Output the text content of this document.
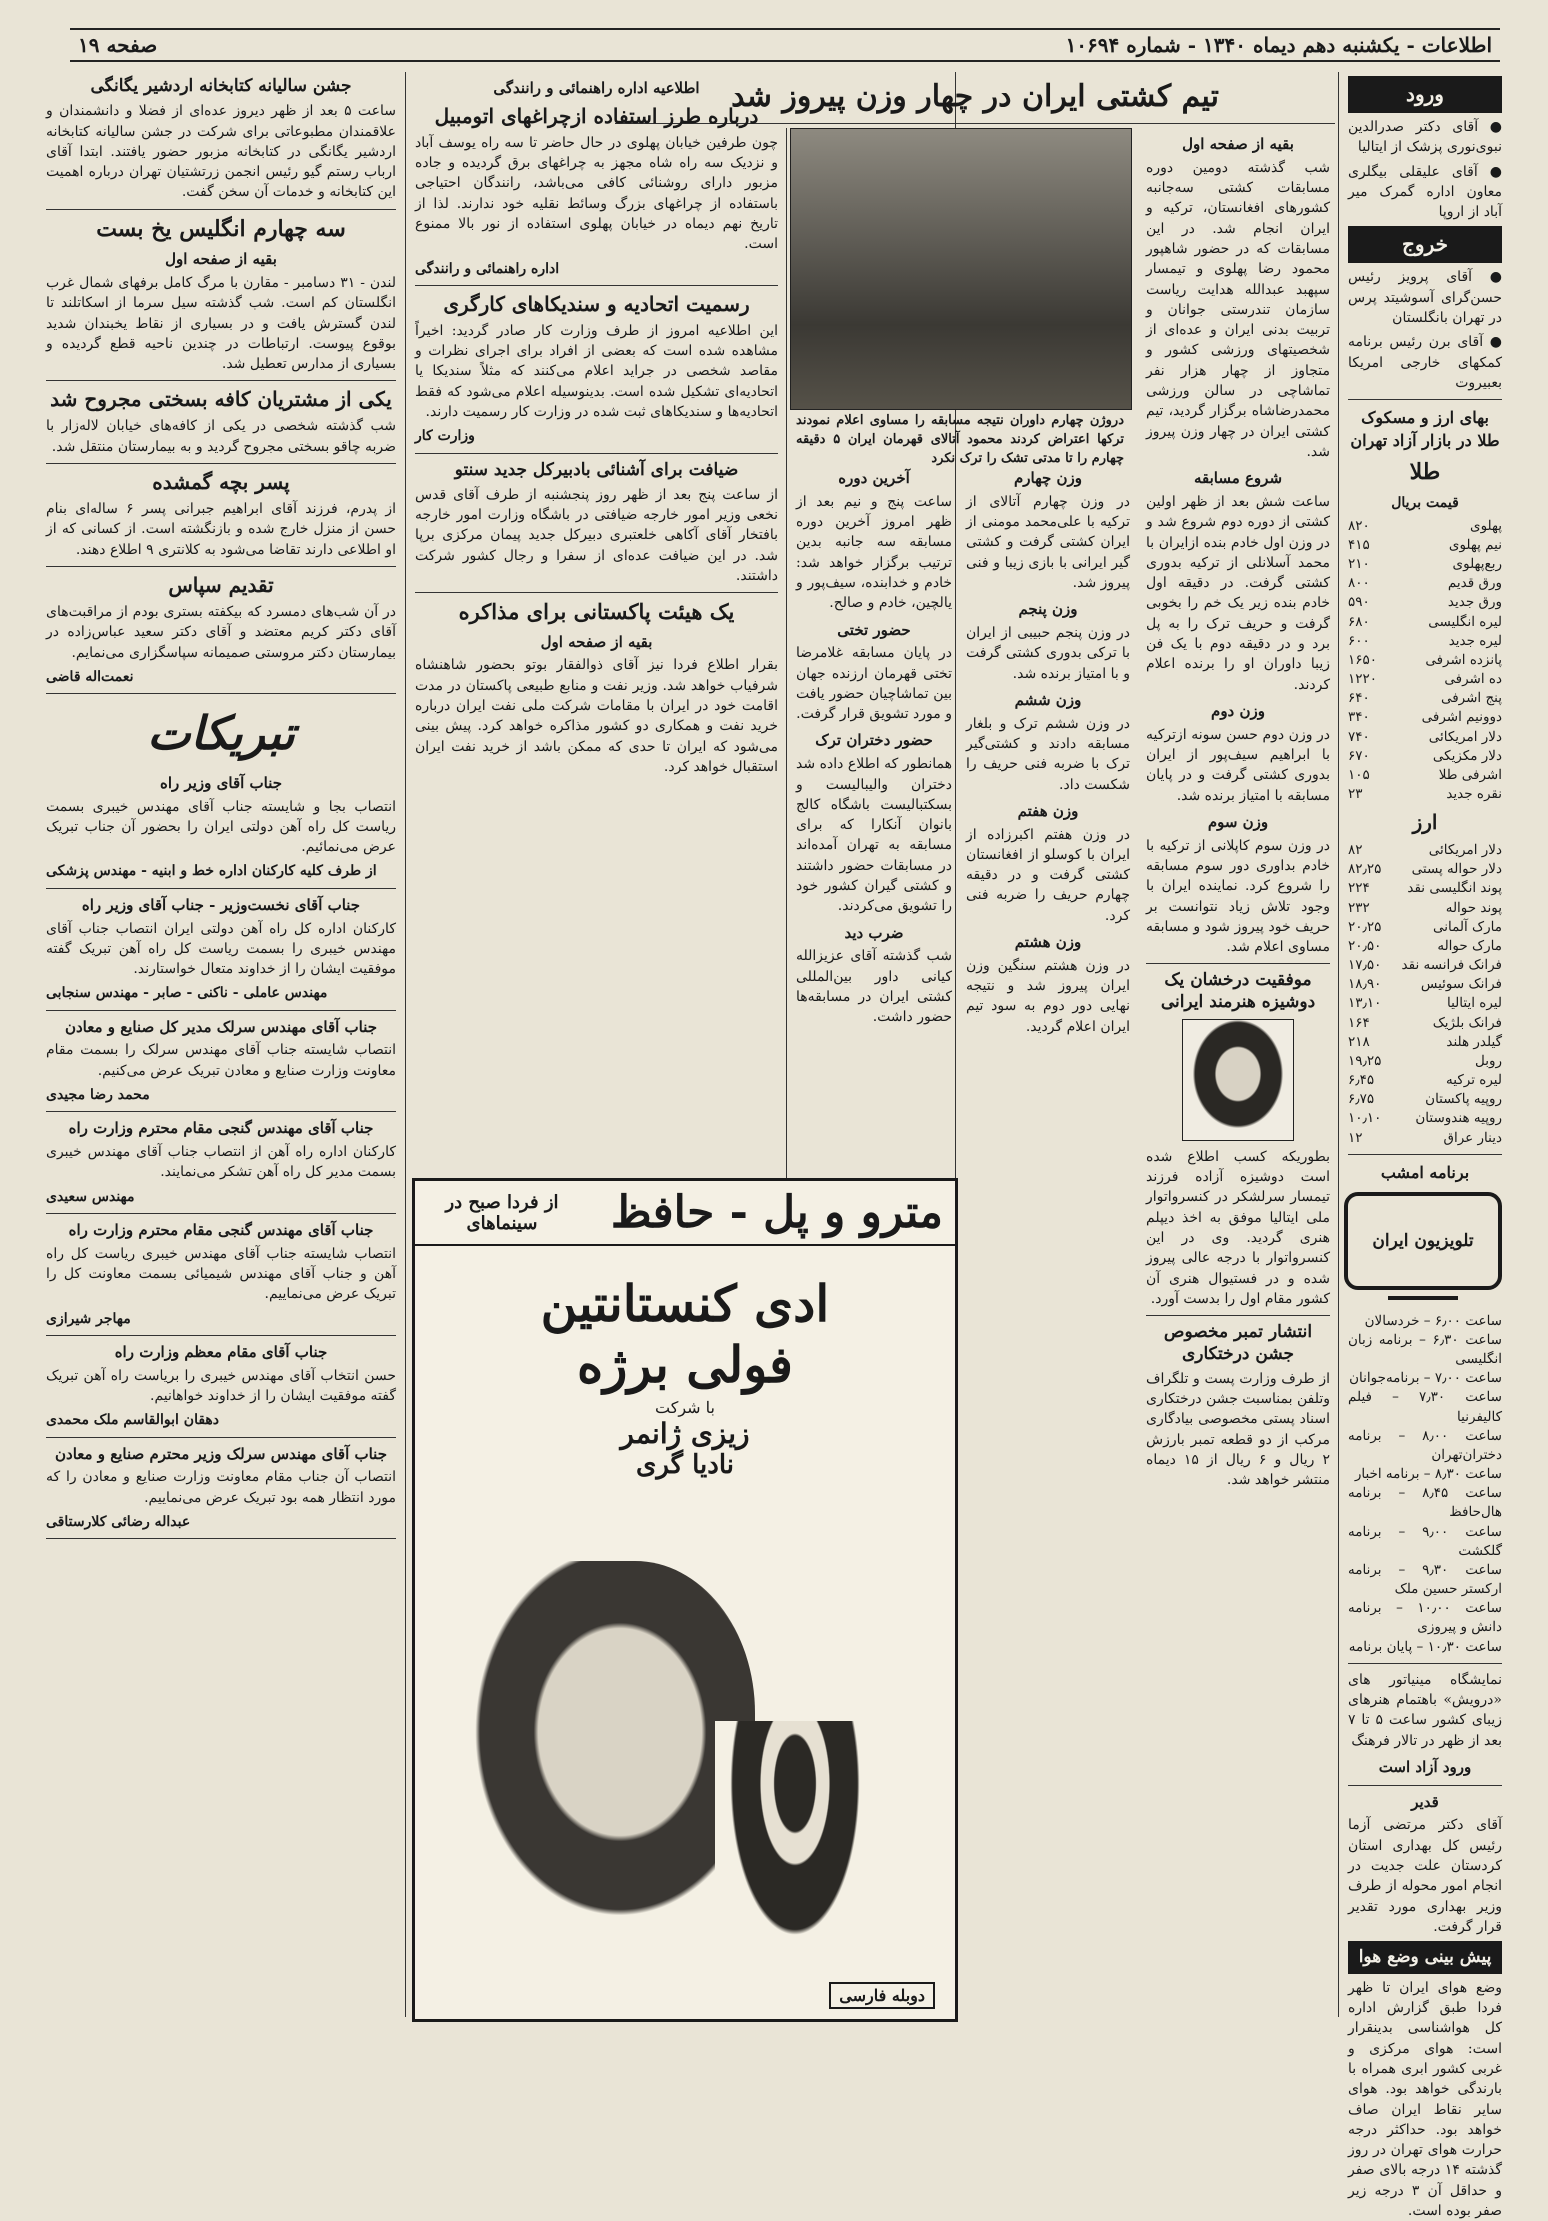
اطلاعات - یکشنبه دهم دیماه ۱۳۴۰ - شماره ۱۰۶۹۴
صفحه ۱۹
ورود

● آقای دکتر صدرالدین نبوی‌نوری پزشک از ایتالیا

● آقای علیقلی بیگلری معاون اداره گمرک میر آباد از اروپا

خروج

● آقای پرویز رئیس حسن‌گرای آسوشیتد پرس در تهران بانگلستان

● آقای برن رئیس برنامه کمکهای خارجی امریکا بعبیروت

بهای ارز و مسکوک طلا در بازار آزاد تهران
طلا
قیمت بریال
پهلوی
۸۲۰
نیم پهلوی
۴۱۵
ربع‌پهلوی
۲۱۰
ورق‌ قدیم
۸۰۰
ورق‌ جدید
۵۹۰
لیره‌ انگلیسی
۶۸۰
لیره‌ جدید
۶۰۰
پانزده‌ اشرفی
۱۶۵۰
ده‌ اشرفی
۱۲۲۰
پنج‌ اشرفی
۶۴۰
دو‌ونیم‌ اشرفی
۳۴۰
دلار امریکائی
۷۴۰
دلار مکزیکی
۶۷۰
اشرفی‌ طلا
۱۰۵
نقره‌ جدید
۲۳
ارز
دلار امریکائی
۸۲
دلار حواله‌ پستی
۸۲٫۲۵
پوند انگلیسی نقد
۲۲۴
پوند حواله
۲۳۲
مارک آلمانی
۲۰٫۲۵
مارک حواله
۲۰٫۵۰
فرانک فرانسه نقد
۱۷٫۵۰
فرانک سوئیس
۱۸٫۹۰
لیره‌ ایتالیا
۱۳٫۱۰
فرانک بلژیک
۱۶۴
گیلدر هلند
۲۱۸
روبل
۱۹٫۲۵
لیره‌ ترکیه
۶٫۴۵
روپیه‌ پاکستان
۶٫۷۵
روپیه‌ هندوستان
۱۰٫۱۰
دینار عراق
۱۲
برنامه امشب
تلویزیون ایران
ساعت ۶٫۰۰ – خردسالان
ساعت ۶٫۳۰ – برنامه زبان انگلیسی
ساعت ۷٫۰۰ – برنامه‌جوانان
ساعت ۷٫۳۰ – فیلم کالیفرنیا
ساعت ۸٫۰۰ – برنامه دختران‌تهران
ساعت ۸٫۳۰ – برنامه اخبار
ساعت ۸٫۴۵ – برنامه هال‌حافظ
ساعت ۹٫۰۰ – برنامه گلکشت
ساعت ۹٫۳۰ – برنامه ارکستر حسین ملک
ساعت ۱۰٫۰۰ – برنامه دانش و پیروزی
ساعت ۱۰٫۳۰ – پایان برنامه

نمایشگاه مینیاتور های «درویش» باهتمام هنرهای زیبای کشور ساعت ۵ تا ۷ بعد از ظهر در تالار فرهنگ

ورود آزاد است
قدیر

آقای دکتر مرتضی آزما رئیس کل بهداری استان کردستان علت جدیت در انجام امور محوله از طرف وزیر بهداری مورد تقدیر قرار گرفت.

پیش بینی وضع هوا

وضع هوای ایران تا ظهر فردا طبق گزارش اداره کل هواشناسی بدینقرار است: هوای مرکزی و غربی کشور ابری همراه با بارندگی خواهد بود. هوای سایر نقاط ایران صاف خواهد بود. حداکثر درجه حرارت هوای تهران در روز گذشته ۱۴ درجه بالای صفر و حداقل آن ۳ درجه زیر صفر بوده است.

تیم کشتی ایران در چهار وزن پیروز شد
بقیه از صفحه اول

شب گذشته دومین دوره مسابقات کشتی سه‌جانبه کشورهای افغانستان، ترکیه و ایران انجام شد. در این مسابقات که در حضور شاهپور محمود رضا پهلوی و تیمسار سپهبد عبدالله هدایت ریاست سازمان تندرستی جوانان و تربیت بدنی ایران و عده‌ای از شخصیتهای ورزشی کشور و متجاوز از چهار هزار نفر تماشاچی در سالن ورزشی محمدرضاشاه برگزار گردید، تیم کشتی ایران در چهار وزن پیروز شد.

شروع مسابقه

ساعت شش بعد از ظهر اولین کشتی از دوره دوم شروع شد و در وزن اول خادم بنده ازایران با محمد آسلانلی از ترکیه بدوری کشتی گرفت. در دقیقه اول خادم بنده زیر یک خم را بخوبی گرفت و حریف ترک را به پل برد و در دقیقه دوم با یک فن زیبا داوران او را برنده اعلام کردند.

وزن دوم

در وزن دوم حسن سونه ازترکیه با ابراهیم سیف‌پور از ایران بدوری کشتی گرفت و در پایان مسابقه با امتیاز برنده شد.

وزن سوم

در وزن سوم کاپلانی از ترکیه با خادم بداوری دور سوم مسابقه را شروع کرد. نماینده ایران با وجود تلاش زیاد نتوانست بر حریف خود پیروز شود و مسابقه مساوی اعلام شد.

موفقیت درخشان یک دوشیزه هنرمند ایرانی

بطوریکه کسب اطلاع شده است دوشیزه آزاده فرزند تیمسار سرلشکر در کنسرواتوار ملی ایتالیا موفق به اخذ دیپلم هنری گردید. وی در این کنسرواتوار با درجه عالی پیروز شده و در فستیوال هنری آن کشور مقام اول را بدست آورد.

انتشار تمبر مخصوص جشن درختکاری

از طرف وزارت پست و تلگراف وتلفن بمناسبت جشن درختکاری اسناد پستی مخصوصی بیادگاری مرکب از دو قطعه تمبر بارزش ۲ ریال و ۶ ریال از ۱۵ دیماه منتشر خواهد شد.

دروژن چهارم داوران نتیجه مسابقه را مساوی اعلام نمودند ترکها اعتراض کردند محمود آتالای قهرمان ایران ۵ دقیقه چهارم را تا مدتی تشک را ترک نکرد

وزن چهارم

در وزن چهارم آتالای از ترکیه با علی‌محمد مومنی از ایران کشتی گرفت و کشتی گیر ایرانی با بازی زیبا و فنی پیروز شد.

وزن پنجم

در وزن پنجم حبیبی از ایران با ترکی بدوری کشتی گرفت و با امتیاز برنده شد.

وزن ششم

در وزن ششم ترک و بلغار مسابقه دادند و کشتی‌گیر ترک با ضربه فنی حریف را شکست داد.

وزن هفتم

در وزن هفتم اکبرزاده از ایران با کوسلو از افغانستان کشتی گرفت و در دقیقه چهارم حریف را ضربه فنی کرد.

وزن هشتم

در وزن هشتم سنگین وزن ایران پیروز شد و نتیجه نهایی دور دوم به سود تیم ایران اعلام گردید.

آخرین دوره

ساعت پنج و نیم بعد از ظهر امروز آخرین دوره مسابقه سه جانبه بدین ترتیب برگزار خواهد شد: خادم و خدابنده، سیف‌پور و یالچین، خادم و صالح.

حضور تختی

در پایان مسابقه غلامرضا تختی قهرمان ارزنده جهان بین تماشاچیان حضور یافت و مورد تشویق قرار گرفت.

حضور دختران ترک

همانطور که اطلاع داده شد دختران والیبالیست و بسکتبالیست باشگاه کالج بانوان آنکارا که برای مسابقه به تهران آمده‌اند در مسابقات حضور داشتند و کشتی گیران کشور خود را تشویق می‌کردند.

ضرب دید

شب گذشته آقای عزیزالله کیانی داور بین‌المللی کشتی ایران در مسابقه‌ها حضور داشت.

اطلاعیه اداره راهنمائی و رانندگی
درباره طرز استفاده ازچراغهای اتومبیل

چون طرفین خیابان پهلوی در حال حاضر تا سه راه یوسف آباد و نزدیک سه راه شاه مجهز به چراغهای برق گردیده و جاده مزبور دارای روشنائی کافی می‌باشد، رانندگان احتیاجی باستفاده از چراغهای بزرگ وسائط نقلیه خود ندارند. لذا از تاریخ نهم دیماه در خیابان پهلوی استفاده از نور بالا ممنوع است.

اداره راهنمائی و رانندگی

رسمیت اتحادیه و سندیکاهای کارگری

این اطلاعیه امروز از طرف وزارت کار صادر گردید: اخیراً مشاهده شده است که بعضی از افراد برای اجرای نظرات و مقاصد شخصی در جراید اعلام می‌کنند که مثلاً سندیکا یا اتحادیه‌ای تشکیل شده است. بدینوسیله اعلام می‌شود که فقط اتحادیه‌ها و سندیکاهای ثبت شده در وزارت کار رسمیت دارند.

وزارت کار

ضیافت برای آشنائی بادبیرکل جدید سنتو

از ساعت پنج بعد از ظهر روز پنجشنبه از طرف آقای قدس نخعی وزیر امور خارجه ضیافتی در باشگاه وزارت امور خارجه بافتخار آقای آکاهی خلعتبری دبیرکل جدید پیمان مرکزی برپا شد. در این ضیافت عده‌ای از سفرا و رجال کشور شرکت داشتند.

یک هیئت پاکستانی برای مذاکره
بقیه از صفحه اول

بقرار اطلاع فردا نیز آقای ذوالفقار بوتو بحضور شاهنشاه شرفیاب خواهد شد. وزیر نفت و منابع طبیعی پاکستان در مدت اقامت خود در ایران با مقامات شرکت ملی نفت ایران درباره خرید نفت و همکاری دو کشور مذاکره خواهد کرد. پیش بینی می‌شود که ایران تا حدی که ممکن باشد از خرید نفت ایران استقبال خواهد کرد.

جشن سالیانه کتابخانه اردشیر یگانگی

ساعت ۵ بعد از ظهر دیروز عده‌ای از فضلا و دانشمندان و علاقمندان مطبوعاتی برای شرکت در جشن سالیانه کتابخانه اردشیر یگانگی در کتابخانه مزبور حضور یافتند. ابتدا آقای ارباب رستم گیو رئیس انجمن زرتشتیان تهران درباره اهمیت این کتابخانه و خدمات آن سخن گفت.

سه چهارم انگلیس یخ بست
بقیه از صفحه اول

لندن - ۳۱ دسامبر - مقارن با مرگ کامل برفهای شمال غرب انگلستان کم است. شب گذشته سیل سرما از اسکاتلند تا لندن گسترش یافت و در بسیاری از نقاط یخبندان شدید بوقوع پیوست. ارتباطات در چندین ناحیه قطع گردیده و بسیاری از مدارس تعطیل شد.

یکی از مشتریان کافه بسختی مجروح شد

شب گذشته شخصی در یکی از کافه‌های خیابان لاله‌زار با ضربه چاقو بسختی مجروح گردید و به بیمارستان منتقل شد.

پسر بچه گمشده

از پدرم، فرزند آقای ابراهیم جبرانی پسر ۶ ساله‌ای بنام حسن از منزل خارج شده و بازنگشته است. از کسانی که از او اطلاعی دارند تقاضا می‌شود به کلانتری ۹ اطلاع دهند.

تقدیم سپاس

در آن شب‌های دمسرد که بیکفته بستری بودم از مراقبت‌های آقای دکتر کریم معتضد و آقای دکتر سعید عباس‌زاده در بیمارستان دکتر مروستی صمیمانه سپاسگزاری می‌نمایم.

نعمت‌اله قاضی

تبریکات
جناب آقای وزیر راه

انتصاب بجا و شایسته جناب آقای مهندس خیبری بسمت ریاست کل راه آهن دولتی ایران را بحضور آن جناب تبریک عرض می‌نمائیم.

از طرف کلیه کارکنان اداره خط و ابنیه - مهندس پزشکی

جناب آقای نخست‌وزیر - جناب آقای وزیر راه

کارکنان اداره کل راه آهن دولتی ایران انتصاب جناب آقای مهندس خیبری را بسمت ریاست کل راه آهن تبریک گفته موفقیت ایشان را از خداوند متعال خواستارند.

مهندس عاملی - ناکنی - صابر - مهندس سنجابی

جناب آقای مهندس سرلک مدیر کل صنایع و معادن

انتصاب شایسته جناب آقای مهندس سرلک را بسمت مقام معاونت وزارت صنایع و معادن تبریک عرض می‌کنیم.

محمد رضا مجیدی

جناب آقای مهندس گنجی مقام محترم وزارت راه

کارکنان اداره راه آهن از انتصاب جناب آقای مهندس خیبری بسمت مدیر کل راه آهن تشکر می‌نمایند.

مهندس سعیدی

جناب آقای مهندس گنجی مقام محترم وزارت راه

انتصاب شایسته جناب آقای مهندس خیبری ریاست کل راه آهن و جناب آقای مهندس شیمیائی بسمت معاونت کل را تبریک عرض می‌نماییم.

مهاجر شیرازی

جناب آقای مقام معظم وزارت راه

حسن انتخاب آقای مهندس خیبری را بریاست راه آهن تبریک گفته موفقیت ایشان را از خداوند خواهانیم.

دهقان ابوالقاسم ملک محمدی

جناب آقای مهندس سرلک وزیر محترم صنایع و معادن

انتصاب آن جناب مقام معاونت وزارت صنایع و معادن را که مورد انتظار همه بود تبریک عرض می‌نماییم.

عبداله رضائی کلارستاقی

مترو و پل - حافظ
از فردا صبح در سینماهای
ادی کنستانتین
فولی برژه
با شرکت
زیزی ژانمر
نادیا گری
دوبله فارسی
